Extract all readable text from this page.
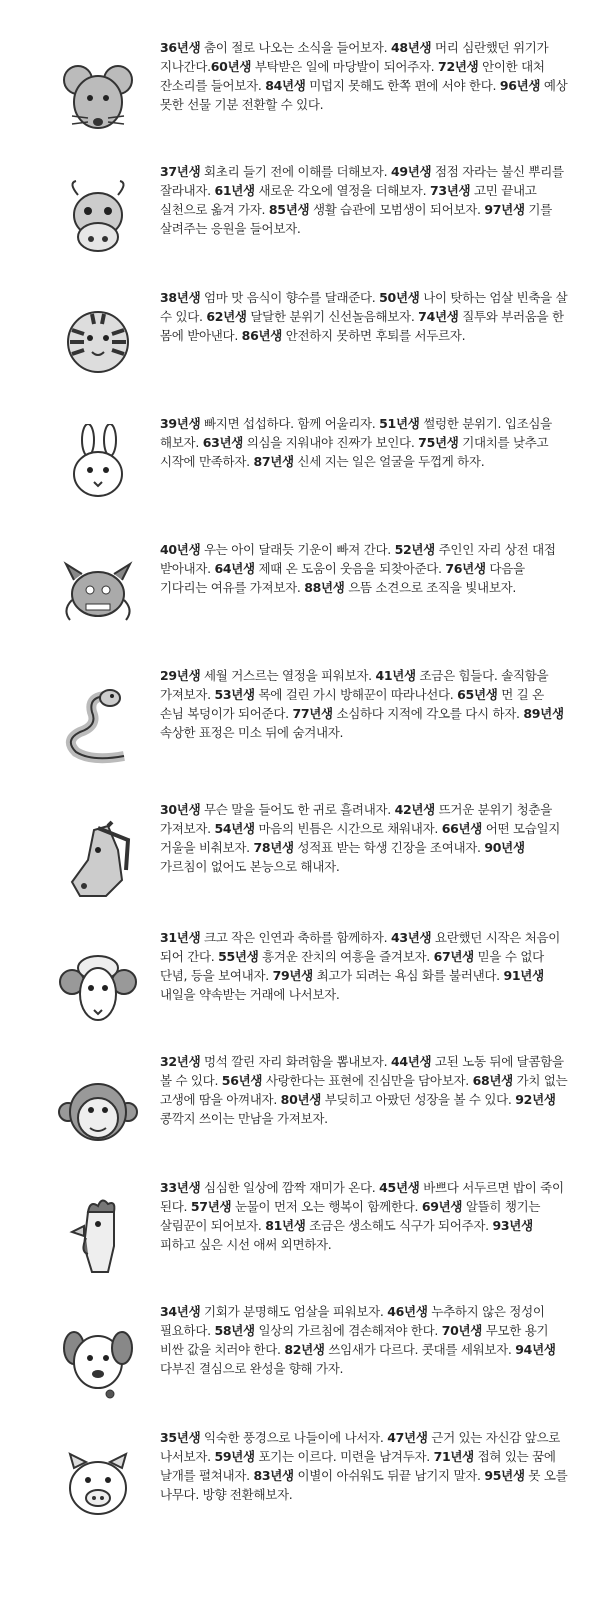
36년생 춤이 절로 나오는 소식을 들어보자. 48년생 머리 심란했던 위기가 지나간다.60년생 부탁받은 일에 마당발이 되어주자. 72년생 안이한 대처 잔소리를 들어보자. 84년생 미덥지 못해도 한쪽 편에 서야 한다. 96년생 예상 못한 선물 기분 전환할 수 있다.
37년생 회초리 들기 전에 이해를 더해보자. 49년생 점점 자라는 불신 뿌리를 잘라내자. 61년생 새로운 각오에 열정을 더해보자. 73년생 고민 끝내고 실천으로 옮겨 가자. 85년생 생활 습관에 모범생이 되어보자. 97년생 기를 살려주는 응원을 들어보자.
38년생 엄마 맛 음식이 향수를 달래준다. 50년생 나이 탓하는 엄살 빈축을 살 수 있다. 62년생 달달한 분위기 신선놀음해보자. 74년생 질투와 부러움을 한 몸에 받아낸다. 86년생 안전하지 못하면 후퇴를 서두르자.
39년생 빠지면 섭섭하다. 함께 어울리자. 51년생 썰렁한 분위기. 입조심을 해보자. 63년생 의심을 지워내야 진짜가 보인다. 75년생 기대치를 낮추고 시작에 만족하자. 87년생 신세 지는 일은 얼굴을 두껍게 하자.
40년생 우는 아이 달래듯 기운이 빠져 간다. 52년생 주인인 자리 상전 대접 받아내자. 64년생 제때 온 도움이 웃음을 되찾아준다. 76년생 다음을 기다리는 여유를 가져보자. 88년생 으뜸 소견으로 조직을 빛내보자.
29년생 세월 거스르는 열정을 피워보자. 41년생 조금은 힘들다. 솔직함을 가져보자. 53년생 목에 걸린 가시 방해꾼이 따라나선다. 65년생 먼 길 온 손님 복덩이가 되어준다. 77년생 소심하다 지적에 각오를 다시 하자. 89년생 속상한 표정은 미소 뒤에 숨겨내자.
30년생 무슨 말을 들어도 한 귀로 흘려내자. 42년생 뜨거운 분위기 청춘을 가져보자. 54년생 마음의 빈틈은 시간으로 채워내자. 66년생 어떤 모습일지 거울을 비춰보자. 78년생 성적표 받는 학생 긴장을 조여내자. 90년생 가르침이 없어도 본능으로 해내자.
31년생 크고 작은 인연과 축하를 함께하자. 43년생 요란했던 시작은 처음이 되어 간다. 55년생 흥겨운 잔치의 여흥을 즐겨보자. 67년생 믿을 수 없다 단념, 등을 보여내자. 79년생 최고가 되려는 욕심 화를 불러낸다. 91년생 내일을 약속받는 거래에 나서보자.
32년생 멍석 깔린 자리 화려함을 뽐내보자. 44년생 고된 노동 뒤에 달콤함을 볼 수 있다. 56년생 사랑한다는 표현에 진심만을 담아보자. 68년생 가치 없는 고생에 땀을 아껴내자. 80년생 부딪히고 아팠던 성장을 볼 수 있다. 92년생 콩깍지 쓰이는 만남을 가져보자.
33년생 심심한 일상에 깜짝 재미가 온다. 45년생 바쁘다 서두르면 밥이 죽이 된다. 57년생 눈물이 먼저 오는 행복이 함께한다. 69년생 알뜰히 챙기는 살림꾼이 되어보자. 81년생 조금은 생소해도 식구가 되어주자. 93년생 피하고 싶은 시선 애써 외면하자.
34년생 기회가 분명해도 엄살을 피워보자. 46년생 누추하지 않은 정성이 필요하다. 58년생 일상의 가르침에 겸손해져야 한다. 70년생 무모한 용기 비싼 값을 치러야 한다. 82년생 쓰임새가 다르다. 콧대를 세워보자. 94년생 다부진 결심으로 완성을 향해 가자.
35년생 익숙한 풍경으로 나들이에 나서자. 47년생 근거 있는 자신감 앞으로 나서보자. 59년생 포기는 이르다. 미련을 남겨두자. 71년생 접혀 있는 꿈에 날개를 펼쳐내자. 83년생 이별이 아쉬워도 뒤끝 남기지 말자. 95년생 못 오를 나무다. 방향 전환해보자.
